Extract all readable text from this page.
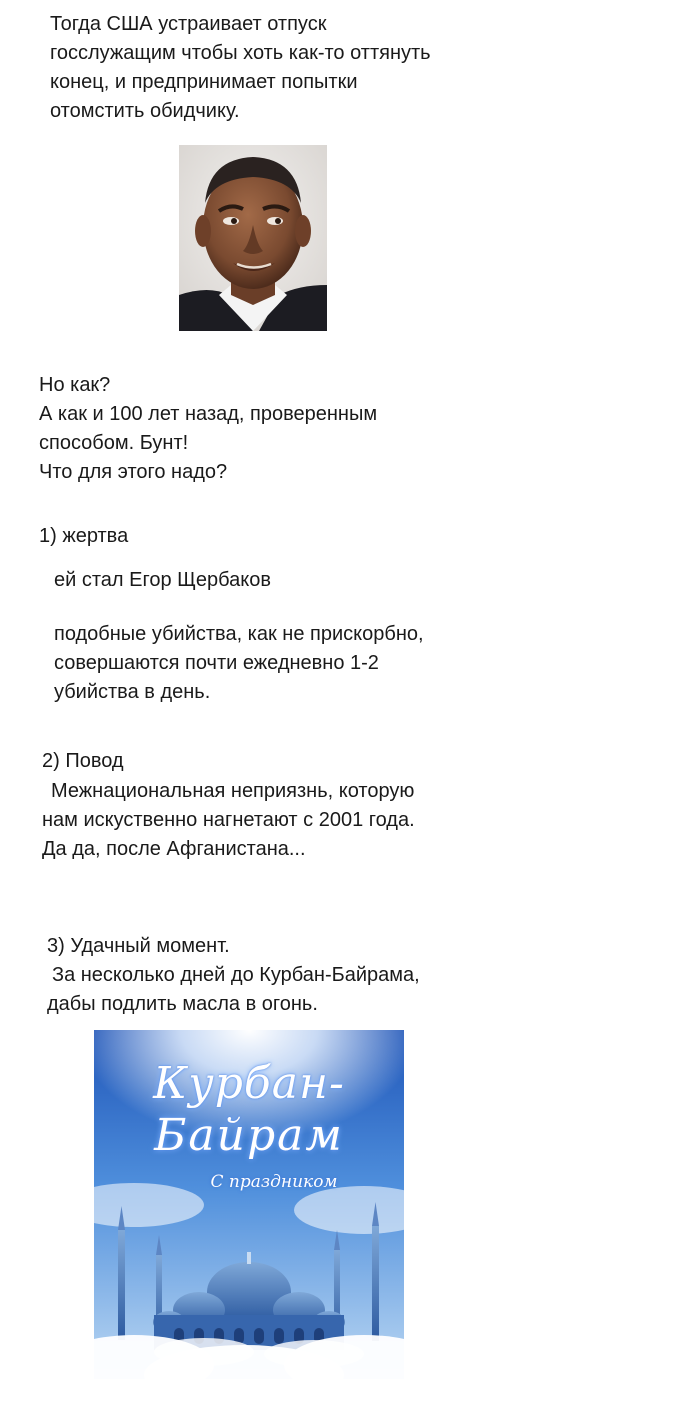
Тогда США устраивает отпуск
госслужащим чтобы хоть как-то оттянуть
конец, и предпринимает попытки
отомстить обидчику.
Но как?
А как и 100 лет назад, проверенным
способом. Бунт!
Что для этого надо?
1) жертва
ей стал Егор Щербаков
подобные убийства, как не прискорбно,
совершаются почти ежедневно 1-2
убийства в день.
2) Повод
Межнациональная неприязнь, которую
нам искуственно нагнетают с 2001 года.
Да да, после Афганистана...
3) Удачный момент.
За несколько дней до Курбан-Байрама,
дабы подлить масла в огонь.
Курбан-
Байрам
С праздником
